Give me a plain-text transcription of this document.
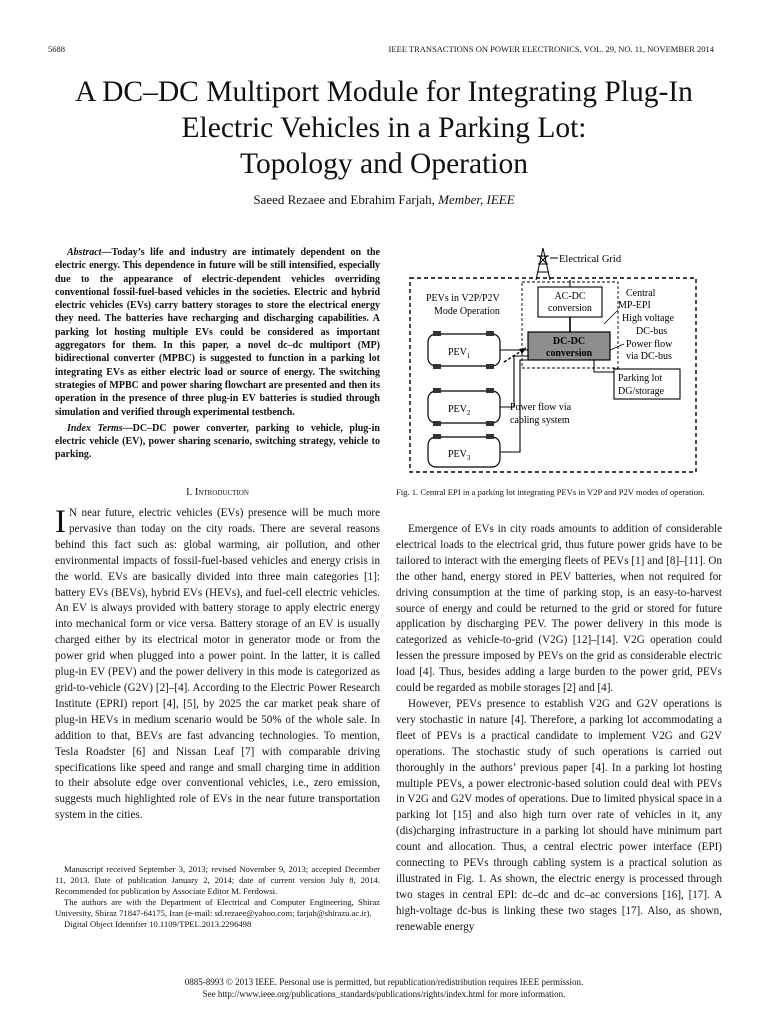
5688	IEEE TRANSACTIONS ON POWER ELECTRONICS, VOL. 29, NO. 11, NOVEMBER 2014
A DC–DC Multiport Module for Integrating Plug-In
Electric Vehicles in a Parking Lot:
Topology and Operation
Saeed Rezaee and Ebrahim Farjah, Member, IEEE

Abstract—Today’s life and industry are intimately dependent on the electric energy. This dependence in future will be still intensified, especially due to the appearance of electric-dependent vehicles overriding conventional fossil-fuel-based vehicles in the societies. Electric and hybrid electric vehicles (EVs) carry battery storages to store the electrical energy they need. The batteries have recharging and discharging capabilities. A parking lot hosting multiple EVs could be considered as important aggregators for them. In this paper, a novel dc–dc multiport (MP) bidirectional converter (MPBC) is suggested to function in a parking lot integrating EVs as either electric load or source of energy. The switching strategies of MPBC and power sharing flowchart are presented and then its operation in the presence of three plug-in EV batteries is studied through simulation and verified through experimental testbench.

Index Terms—DC–DC power converter, parking to vehicle, plug-in electric vehicle (EV), power sharing scenario, switching strategy, vehicle to parking.

I. Introduction

I N near future, electric vehicles (EVs) presence will be much more pervasive than today on the city roads. There are several reasons behind this fact such as: global warming, air pollution, and other environmental impacts of fossil-fuel-based vehicles and energy crisis in the world. EVs are basically divided into three main categories [1]: battery EVs (BEVs), hybrid EVs (HEVs), and fuel-cell electric vehicles. An EV is always provided with battery storage to apply electric energy into mechanical form or vice versa. Battery storage of an EV is usually charged either by its electrical motor in generator mode or from the power grid when plugged into a power point. In the latter, it is called plug-in EV (PEV) and the power delivery in this mode is categorized as grid-to-vehicle (G2V) [2]–[4]. According to the Electric Power Research Institute (EPRI) report [4], [5], by 2025 the car market peak share of plug-in HEVs in medium scenario would be 50% of the whole sale. In addition to that, BEVs are fast advancing technologies. To mention, Tesla Roadster [6] and Nissan Leaf [7] with comparable driving specifications like speed and range and small charging time in addition to their absolute edge over conventional vehicles, i.e., zero emission, suggests much highlighted role of EVs in the near future transportation system in the cities.

Manuscript received September 3, 2013; revised November 9, 2013; accepted December 11, 2013. Date of publication January 2, 2014; date of current version July 8, 2014. Recommended for publication by Associate Editor M. Ferdowsi.

The authors are with the Department of Electrical and Computer Engineering, Shiraz University, Shiraz 71847-64175, Iran (e-mail: sd.rezaee@yahoo.com; farjah@shirazu.ac.ir).

Digital Object Identifier 10.1109/TPEL.2013.2296498

Electrical Grid
PEVs in V2P/P2V
Mode Operation
AC-DC
conversion
DC-DC
conversion
Central
MP-EPI
High voltage
DC-bus
Power flow
via DC-bus
Parking lot
DG/storage
$PEV_1$
$PEV_2$
$PEV_3$
Power flow via
cabling system
Fig. 1. Central EPI in a parking lot integrating PEVs in V2P and P2V modes of operation.

Emergence of EVs in city roads amounts to addition of considerable electrical loads to the electrical grid, thus future power grids have to be tailored to interact with the emerging fleets of PEVs [1] and [8]–[11]. On the other hand, energy stored in PEV batteries, when not required for driving consumption at the time of parking stop, is an easy-to-harvest source of energy and could be returned to the grid or stored for future application by discharging PEV. The power delivery in this mode is categorized as vehicle-to-grid (V2G) [12]–[14]. V2G operation could lessen the pressure imposed by PEVs on the grid as considerable electric load [4]. Thus, besides adding a large burden to the power grid, PEVs could be regarded as mobile storages [2] and [4].

However, PEVs presence to establish V2G and G2V operations is very stochastic in nature [4]. Therefore, a parking lot accommodating a fleet of PEVs is a practical candidate to implement V2G and G2V operations. The stochastic study of such operations is carried out thoroughly in the authors’ previous paper [4]. In a parking lot hosting multiple PEVs, a power electronic-based solution could deal with PEVs in V2G and G2V modes of operations. Due to limited physical space in a parking lot [15] and also high turn over rate of vehicles in it, any (dis)charging infrastructure in a parking lot should have minimum part count and allocation. Thus, a central electric power interface (EPI) connecting to PEVs through cabling system is a practical solution as illustrated in Fig. 1. As shown, the electric energy is processed through two stages in central EPI: dc–dc and dc–ac conversions [16], [17]. A high-voltage dc-bus is linking these two stages [17]. Also, as shown, renewable energy

0885-8993 © 2013 IEEE. Personal use is permitted, but republication/redistribution requires IEEE permission.
See http://www.ieee.org/publications_standards/publications/rights/index.html for more information.
